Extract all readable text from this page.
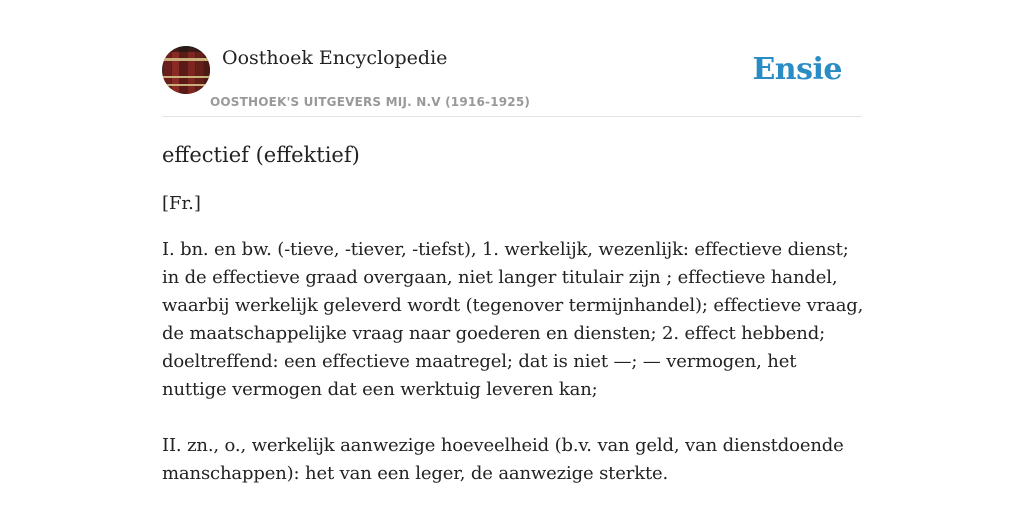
Oosthoek Encyclopedie
OOSTHOEK'S UITGEVERS MIJ. N.V (1916-1925)
Ensie
effectief (effektief)

[Fr.]

I. bn. en bw. (-tieve, -tiever, -tiefst), 1. werkelijk, wezenlijk: effectieve dienst; in de effectieve graad overgaan, niet langer titulair zijn ; effectieve handel, waarbij werkelijk geleverd wordt (tegenover termijnhandel); effectieve vraag, de maatschappelijke vraag naar goederen en diensten; 2. effect hebbend; doeltreffend: een effectieve maatregel; dat is niet —; — vermogen, het nuttige vermogen dat een werktuig leveren kan;

II. zn., o., werkelijk aanwezige hoeveelheid (b.v. van geld, van dienstdoende manschappen): het van een leger, de aanwezige sterkte.
